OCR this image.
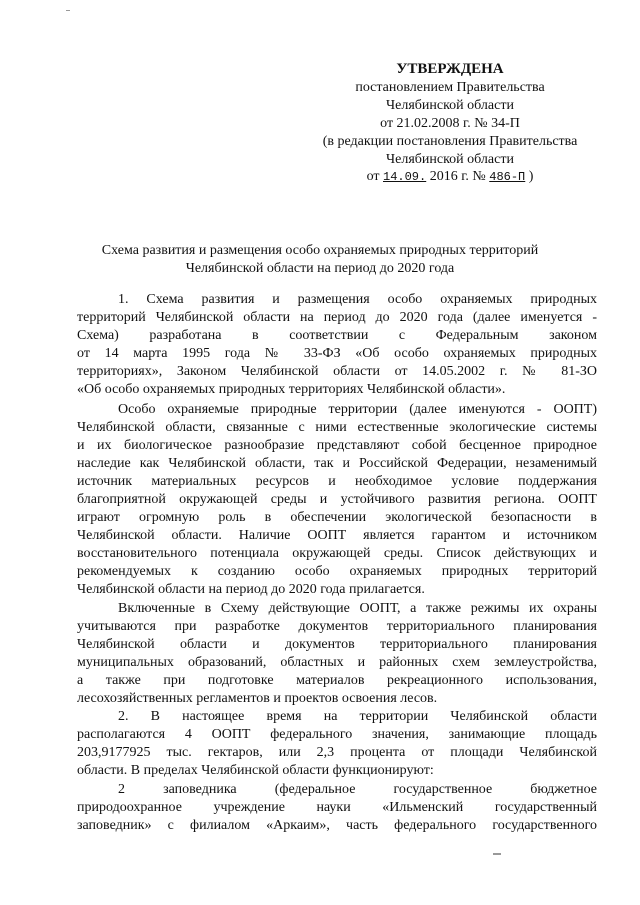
УТВЕРЖДЕНА
постановлением Правительства
Челябинской области
от 21.02.2008 г. № 34-П
(в редакции постановления Правительства
Челябинской области
от 14.09. 2016 г. № 486-П )
Схема развития и размещения особо охраняемых природных территорий
Челябинской области на период до 2020 года
1. Схема развития и размещения особо охраняемых природных
территорий Челябинской области на период до 2020 года (далее именуется -
Схема) разработана в соответствии с Федеральным законом
от 14 марта 1995 года № 33-ФЗ «Об особо охраняемых природных
территориях», Законом Челябинской области от 14.05.2002 г. № 81-ЗО
«Об особо охраняемых природных территориях Челябинской области».
Особо охраняемые природные территории (далее именуются - ООПТ)
Челябинской области, связанные с ними естественные экологические системы
и их биологическое разнообразие представляют собой бесценное природное
наследие как Челябинской области, так и Российской Федерации, незаменимый
источник материальных ресурсов и необходимое условие поддержания
благоприятной окружающей среды и устойчивого развития региона. ООПТ
играют огромную роль в обеспечении экологической безопасности в
Челябинской области. Наличие ООПТ является гарантом и источником
восстановительного потенциала окружающей среды. Список действующих и
рекомендуемых к созданию особо охраняемых природных территорий
Челябинской области на период до 2020 года прилагается.
Включенные в Схему действующие ООПТ, а также режимы их охраны
учитываются при разработке документов территориального планирования
Челябинской области и документов территориального планирования
муниципальных образований, областных и районных схем землеустройства,
а также при подготовке материалов рекреационного использования,
лесохозяйственных регламентов и проектов освоения лесов.
2. В настоящее время на территории Челябинской области
располагаются 4 ООПТ федерального значения, занимающие площадь
203,9177925 тыс. гектаров, или 2,3 процента от площади Челябинской
области. В пределах Челябинской области функционируют:
2 заповедника (федеральное государственное бюджетное
природоохранное учреждение науки «Ильменский государственный
заповедник» с филиалом «Аркаим», часть федерального государственного
